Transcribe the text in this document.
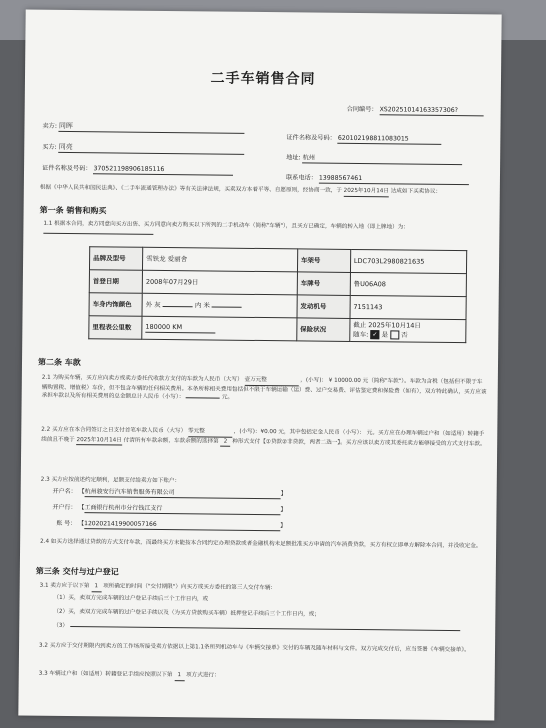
二手车销售合同
合同编号： XS20251014163357306?
卖方: 同晖
证件名称及号码： 620102198811083015
买方: 同亮
地址: 杭州
证件名称及号码： 370521198906185116
联系电话： 13988567461
根据《中华人民共和国民法典》、《二手车流通管理办法》等有关法律法规，买卖双方本着平等、自愿原则，经协商一致，于 2025年10月14日 达成如下买卖协议：
第一条 销售和购买
1.1 根据本合同，卖方同意向买方出售、买方同意向卖方购买以下所列的二手机动车（简称"车辆"），且买方已确定，车辆的转入地（即上牌地）为：
品牌及型号	雪铁龙 爱丽舍	车架号	LDC703L2980821635
首登日期	2008年07月29日	车牌号	鲁U06A08
车身内饰颜色	外 灰 内 米	发动机号	7151143
里程表公里数	180000 KM	保险状况	截止 2025年10月14日
随车: ✓ 是 否
第二条 车款
2.1 为购买车辆，买方应向卖方或卖方委托代收款方支付的车款为人民币（大写） 壹万元整	，(小写)： ¥ 10000.00 元（简称"车款"）。车款为含税（包括但不限于车辆购置税、增值税）车价，但不包含车辆的任何相关费用。本条所称相关费用包括但不限于车辆运输（运）费、过户交易费、评估鉴定费和保险费（如有），双方特此确认，买方应该承担车款以及所有相关费用的总金额总计人民币（小写）：	元。
2.2 买方应在本合同签订之日支付首笔车款人民币（大写） 零元整	，(小写)：¥0.00 元，其中包括定金人民币（小写）： 元。买方应在办理车辆过户和（如适用）转籍手续前且不晚于 2025年10月14日 付清所有车款余额，车款余额的选择第 2 种形式支付【①贷款②非贷款，两者二选一】。买方应该以卖方或其委托卖方能够接受的方式支付车款。
2.3 买方应按前述约定顺利，足额支付给卖方如下账户：
开户名： 【杭州骏安行汽车销售服务有限公司	】
开户行： 【工商银行杭州市分行钱江支行	】
账 号： 【1202021419900057166	】
2.4 如买方选择通过贷款的方式支付车款，而最终买方未能按本合同约定办理贷款或者金融机构未足额批准买方申请的汽车消费贷款，买方有权立即单方解除本合同，并没收定金。
第三条 交付与过户登记
3.1 卖方应于以下第 1 项所确定的时间（"交付期限"）向买方或买方委托的第三人交付车辆：
（1）买，卖双方完成车辆的过户登记手续后三个工作日内，或
（2）买，卖双方完成车辆的过户登记手续以及（为买方贷款购买车辆）抵押登记手续后三个工作日内，或；
（3）
3.2 买方应于交付期限内到卖方的工作场所接受卖方依据以上第1.1条所列机动车与《车辆交接单》交付的车辆及随车材料与文件。双方完成交付后，应当签署《车辆交接单》。
3.3 车辆过户和（如适用）转籍登记手续应按照以下第 1 项方式进行：
